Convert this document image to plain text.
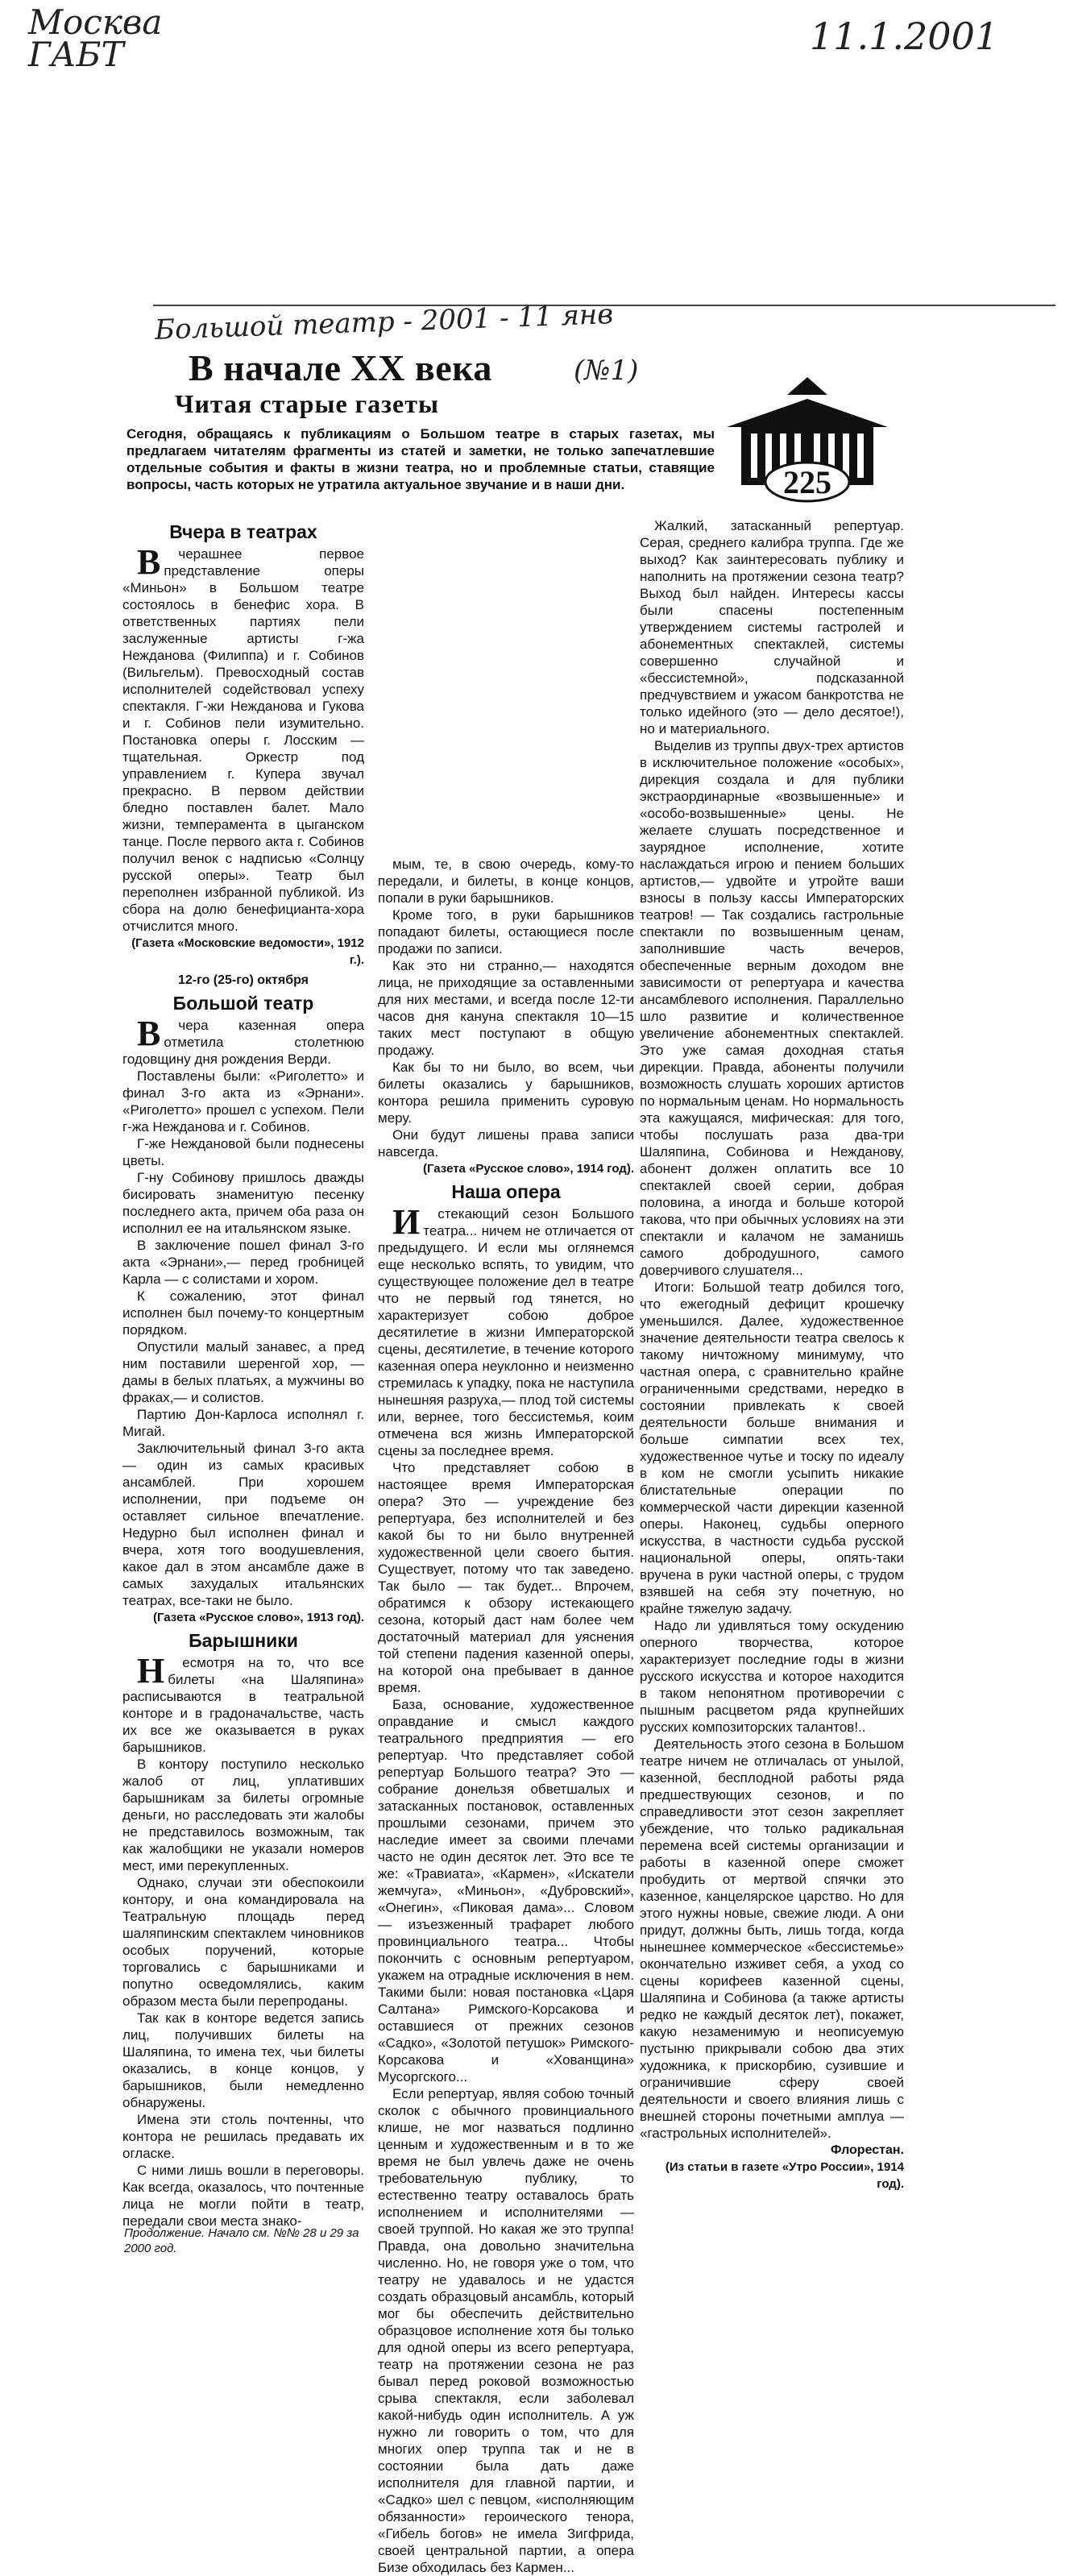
Москва ГАБТ	11.1.2001
Большой театр - 2001 - 11 янв
В начале XX века	(№1)
Читая старые газеты
225
Сегодня, обращаясь к публикациям о Большом театре в старых газетах, мы предлагаем читателям фрагменты из статей и заметки, не только запечатлевшие отдельные события и факты в жизни театра, но и проблемные статьи, ставящие вопросы, часть которых не утратила актуальное звучание и в наши дни.
Вчера в театрах

В черашнее первое представление оперы «Миньон» в Большом театре состоялось в бенефис хора. В ответственных партиях пели заслуженные артисты г-жа Нежданова (Филиппа) и г. Собинов (Вильгельм). Превосходный состав исполнителей содействовал успеху спектакля. Г-жи Нежданова и Гукова и г. Собинов пели изумительно. Постановка оперы г. Лосским — тщательная. Оркестр под управлением г. Купера звучал прекрасно. В первом действии бледно поставлен балет. Мало жизни, темперамента в цыганском танце. После первого акта г. Собинов получил венок с надписью «Солнцу русской оперы». Театр был переполнен избранной публикой. Из сбора на долю бенефицианта-хора отчислится много.

(Газета «Московские ведомости», 1912 г.).

12-го (25-го) октября
Большой театр

В чера казенная опера отметила столетнюю годовщину дня рождения Верди.

Поставлены были: «Риголетто» и финал 3-го акта из «Эрнани». «Риголетто» прошел с успехом. Пели г-жа Нежданова и г. Собинов.

Г-же Неждановой были поднесены цветы.

Г-ну Собинову пришлось дважды бисировать знаменитую песенку последнего акта, причем оба раза он исполнил ее на итальянском языке.

В заключение пошел финал 3-го акта «Эрнани»,— перед гробницей Карла — с солистами и хором.

К сожалению, этот финал исполнен был почему-то концертным порядком.

Опустили малый занавес, а пред ним поставили шеренгой хор, — дамы в белых платьях, а мужчины во фраках,— и солистов.

Партию Дон-Карлоса исполнял г. Мигай.

Заключительный финал 3-го акта — один из самых красивых ансамблей. При хорошем исполнении, при подъеме он оставляет сильное впечатление. Недурно был исполнен финал и вчера, хотя того воодушевления, какое дал в этом ансамбле даже в самых захудалых итальянских театрах, все-таки не было.

(Газета «Русское слово», 1913 год).

Барышники

Н есмотря на то, что все билеты «на Шаляпина» расписываются в театральной конторе и в градоначальстве, часть их все же оказывается в руках барышников.

В контору поступило несколько жалоб от лиц, уплативших барышникам за билеты огромные деньги, но расследовать эти жалобы не представилось возможным, так как жалобщики не указали номеров мест, ими перекупленных.

Однако, случаи эти обеспокоили контору, и она командировала на Театральную площадь перед шаляпинским спектаклем чиновников особых поручений, которые торговались с барышниками и попутно осведомлялись, каким образом места были перепроданы.

Так как в конторе ведется запись лиц, получивших билеты на Шаляпина, то имена тех, чьи билеты оказались, в конце концов, у барышников, были немедленно обнаружены.

Имена эти столь почтенны, что контора не решилась предавать их огласке.

С ними лишь вошли в переговоры. Как всегда, оказалось, что почтенные лица не могли пойти в театр, передали свои места знако-

Продолжение. Начало см. №№ 28 и 29 за 2000 год.

мым, те, в свою очередь, кому-то передали, и билеты, в конце концов, попали в руки барышников.

Кроме того, в руки барышников попадают билеты, остающиеся после продажи по записи.

Как это ни странно,— находятся лица, не приходящие за оставленными для них местами, и всегда после 12-ти часов дня кануна спектакля 10—15 таких мест поступают в общую продажу.

Как бы то ни было, во всем, чьи билеты оказались у барышников, контора решила применить суровую меру.

Они будут лишены права записи навсегда.

(Газета «Русское слово», 1914 год).

Наша опера

И стекающий сезон Большого театра... ничем не отличается от предыдущего. И если мы оглянемся еще несколько вспять, то увидим, что существующее положение дел в театре что не первый год тянется, но характеризует собою доброе десятилетие в жизни Императорской сцены, десятилетие, в течение которого казенная опера неуклонно и неизменно стремилась к упадку, пока не наступила нынешняя разруха,— плод той системы или, вернее, того бессистемья, коим отмечена вся жизнь Императорской сцены за последнее время.

Что представляет собою в настоящее время Императорская опера? Это — учреждение без репертуара, без исполнителей и без какой бы то ни было внутренней художественной цели своего бытия. Существует, потому что так заведено. Так было — так будет... Впрочем, обратимся к обзору истекающего сезона, который даст нам более чем достаточный материал для уяснения той степени падения казенной оперы, на которой она пребывает в данное время.

База, основание, художественное оправдание и смысл каждого театрального предприятия — его репертуар. Что представляет собой репертуар Большого театра? Это — собрание донельзя обветшалых и затасканных постановок, оставленных прошлыми сезонами, причем это наследие имеет за своими плечами часто не один десяток лет. Это все те же: «Травиата», «Кармен», «Искатели жемчуга», «Миньон», «Дубровский», «Онегин», «Пиковая дама»... Словом — изъезженный трафарет любого провинциального театра... Чтобы покончить с основным репертуаром, укажем на отрадные исключения в нем. Такими были: новая постановка «Царя Салтана» Римского-Корсакова и оставшиеся от прежних сезонов «Садко», «Золотой петушок» Римского-Корсакова и «Хованщина» Мусоргского...

Если репертуар, являя собою точный сколок с обычного провинциального клише, не мог назваться подлинно ценным и художественным и в то же время не был увлечь даже не очень требовательную публику, то естественно театру оставалось брать исполнением и исполнителями — своей труппой. Но какая же это труппа! Правда, она довольно значительна численно. Но, не говоря уже о том, что театру не удавалось и не удастся создать образцовый ансамбль, который мог бы обеспечить действительно образцовое исполнение хотя бы только для одной оперы из всего репертуара, театр на протяжении сезона не раз бывал перед роковой возможностью срыва спектакля, если заболевал какой-нибудь один исполнитель. А уж нужно ли говорить о том, что для многих опер труппа так и не в состоянии была дать даже исполнителя для главной партии, и «Садко» шел с певцом, «исполняющим обязанности» героического тенора, «Гибель богов» не имела Зигфрида, своей центральной партии, а опера Бизе обходилась без Кармен...

Жалкий, затасканный репертуар. Серая, среднего калибра труппа. Где же выход? Как заинтересовать публику и наполнить на протяжении сезона театр? Выход был найден. Интересы кассы были спасены постепенным утверждением системы гастролей и абонементных спектаклей, системы совершенно случайной и «бессистемной», подсказанной предчувствием и ужасом банкротства не только идейного (это — дело десятое!), но и материального.

Выделив из труппы двух-трех артистов в исключительное положение «особых», дирекция создала и для публики экстраординарные «возвышенные» и «особо-возвышенные» цены. Не желаете слушать посредственное и заурядное исполнение, хотите наслаждаться игрою и пением больших артистов,— удвойте и утройте ваши взносы в пользу кассы Императорских театров! — Так создались гастрольные спектакли по возвышенным ценам, заполнившие часть вечеров, обеспеченные верным доходом вне зависимости от репертуара и качества ансамблевого исполнения. Параллельно шло развитие и количественное увеличение абонементных спектаклей. Это уже самая доходная статья дирекции. Правда, абоненты получили возможность слушать хороших артистов по нормальным ценам. Но нормальность эта кажущаяся, мифическая: для того, чтобы послушать раза два-три Шаляпина, Собинова и Нежданову, абонент должен оплатить все 10 спектаклей своей серии, добрая половина, а иногда и больше которой такова, что при обычных условиях на эти спектакли и калачом не заманишь самого добродушного, самого доверчивого слушателя...

Итоги: Большой театр добился того, что ежегодный дефицит крошечку уменьшился. Далее, художественное значение деятельности театра свелось к такому ничтожному минимуму, что частная опера, с сравнительно крайне ограниченными средствами, нередко в состоянии привлекать к своей деятельности больше внимания и больше симпатии всех тех, художественное чутье и тоску по идеалу в ком не смогли усыпить никакие блистательные операции по коммерческой части дирекции казенной оперы. Наконец, судьбы оперного искусства, в частности судьба русской национальной оперы, опять-таки вручена в руки частной оперы, с трудом взявшей на себя эту почетную, но крайне тяжелую задачу.

Надо ли удивляться тому оскудению оперного творчества, которое характеризует последние годы в жизни русского искусства и которое находится в таком непонятном противоречии с пышным расцветом ряда крупнейших русских композиторских талантов!..

Деятельность этого сезона в Большом театре ничем не отличалась от унылой, казенной, бесплодной работы ряда предшествующих сезонов, и по справедливости этот сезон закрепляет убеждение, что только радикальная перемена всей системы организации и работы в казенной опере сможет пробудить от мертвой спячки это казенное, канцелярское царство. Но для этого нужны новые, свежие люди. А они придут, должны быть, лишь тогда, когда нынешнее коммерческое «бессистемье» окончательно изживет себя, а уход со сцены корифеев казенной сцены, Шаляпина и Собинова (а также артисты редко не каждый десяток лет), покажет, какую незаменимую и неописуемую пустыню прикрывали собою два этих художника, к прискорбию, сузившие и ограничившие сферу своей деятельности и своего влияния лишь с внешней стороны почетными амплуа — «гастрольных исполнителей».

Флорестан.

(Из статьи в газете «Утро России», 1914 год).
